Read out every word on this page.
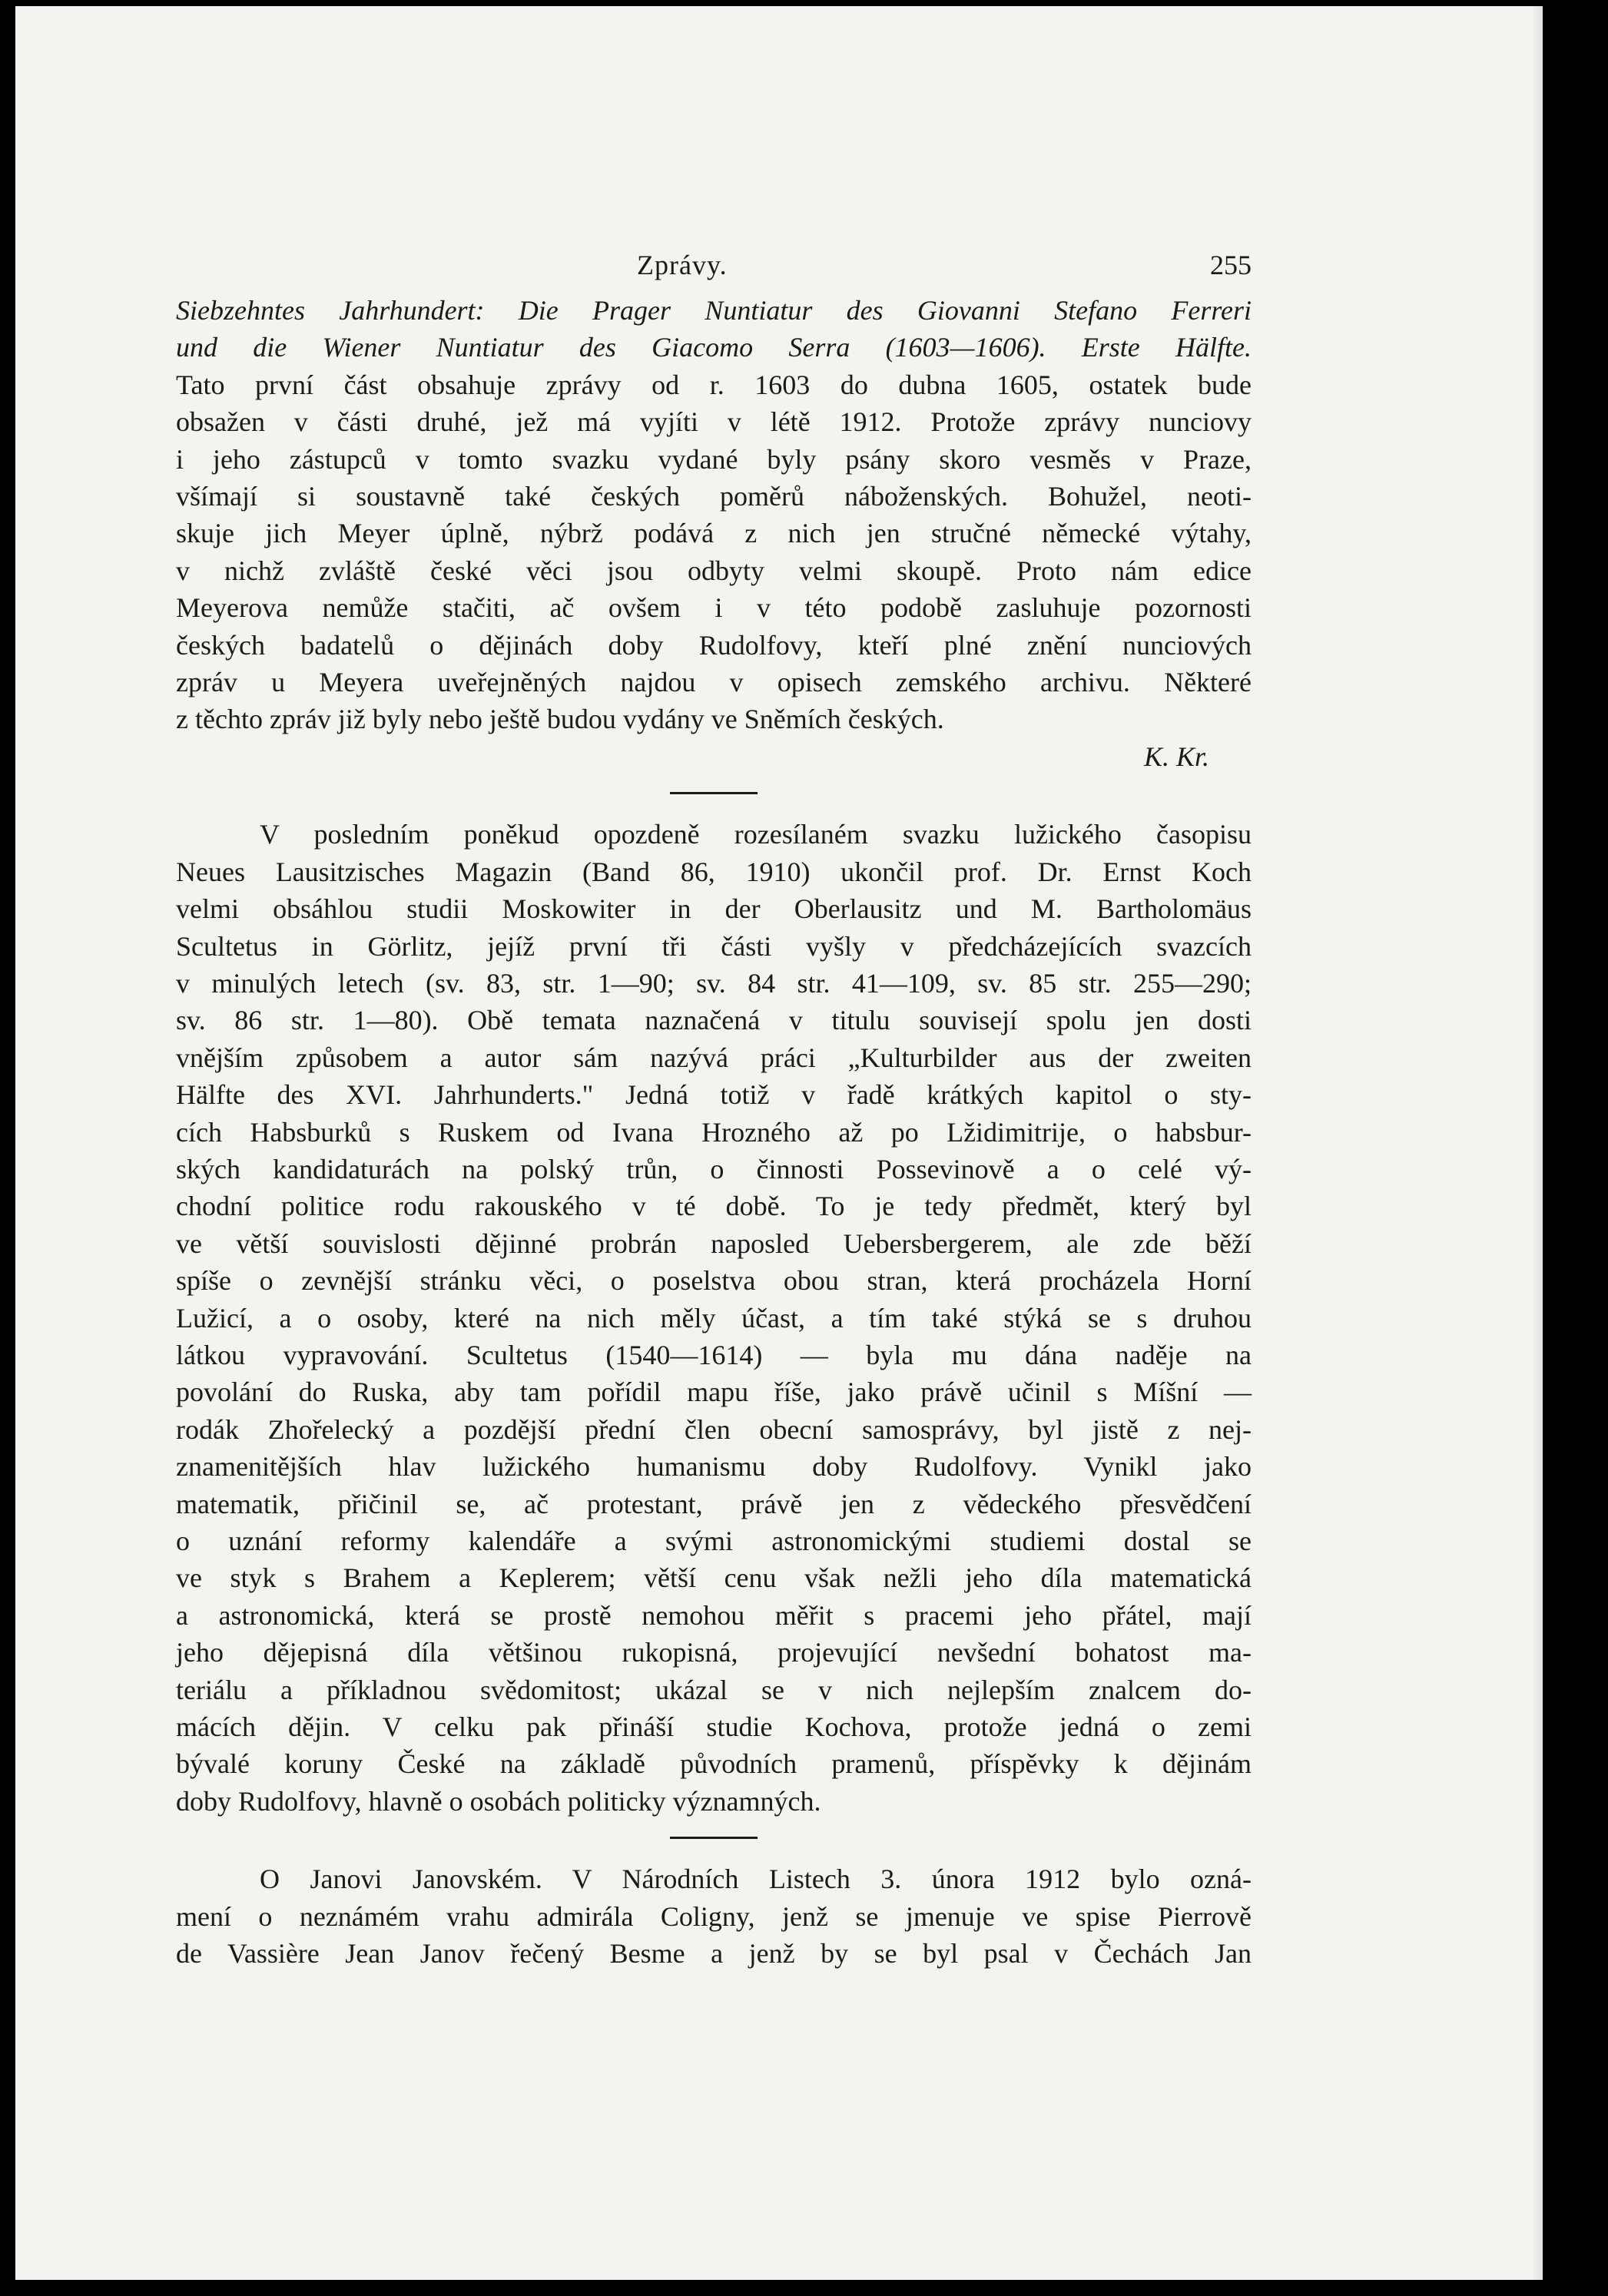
Zprávy.	255
Siebzehntes Jahrhundert: Die Prager Nuntiatur des Giovanni Stefano Ferreri
und die Wiener Nuntiatur des Giacomo Serra (1603—1606). Erste Hälfte.
Tato první část obsahuje zprávy od r. 1603 do dubna 1605, ostatek bude
obsažen v části druhé, jež má vyjíti v létě 1912. Protože zprávy nunciovy
i jeho zástupců v tomto svazku vydané byly psány skoro vesměs v Praze,
všímají si soustavně také českých poměrů náboženských. Bohužel, neoti-
skuje jich Meyer úplně, nýbrž podává z nich jen stručné německé výtahy,
v nichž zvláště české věci jsou odbyty velmi skoupě. Proto nám edice
Meyerova nemůže stačiti, ač ovšem i v této podobě zasluhuje pozornosti
českých badatelů o dějinách doby Rudolfovy, kteří plné znění nunciových
zpráv u Meyera uveřejněných najdou v opisech zemského archivu. Některé
z těchto zpráv již byly nebo ještě budou vydány ve Sněmích českých.
K. Kr.
V posledním poněkud opozdeně rozesílaném svazku lužického časopisu
Neues Lausitzisches Magazin (Band 86, 1910) ukončil prof. Dr. Ernst Koch
velmi obsáhlou studii Moskowiter in der Oberlausitz und M. Bartholomäus
Scultetus in Görlitz, jejíž první tři části vyšly v předcházejících svazcích
v minulých letech (sv. 83, str. 1—90; sv. 84 str. 41—109, sv. 85 str. 255—290;
sv. 86 str. 1—80). Obě temata naznačená v titulu souvisejí spolu jen dosti
vnějším způsobem a autor sám nazývá práci „Kulturbilder aus der zweiten
Hälfte des XVI. Jahrhunderts." Jedná totiž v řadě krátkých kapitol o sty-
cích Habsburků s Ruskem od Ivana Hrozného až po Lžidimitrije, o habsbur-
ských kandidaturách na polský trůn, o činnosti Possevinově a o celé vý-
chodní politice rodu rakouského v té době. To je tedy předmět, který byl
ve větší souvislosti dějinné probrán naposled Uebersbergerem, ale zde běží
spíše o zevnější stránku věci, o poselstva obou stran, která procházela Horní
Lužicí, a o osoby, které na nich měly účast, a tím také stýká se s druhou
látkou vypravování. Scultetus (1540—1614) — byla mu dána naděje na
povolání do Ruska, aby tam pořídil mapu říše, jako právě učinil s Míšní —
rodák Zhořelecký a pozdější přední člen obecní samosprávy, byl jistě z nej-
znamenitějších hlav lužického humanismu doby Rudolfovy. Vynikl jako
matematik, přičinil se, ač protestant, právě jen z vědeckého přesvědčení
o uznání reformy kalendáře a svými astronomickými studiemi dostal se
ve styk s Brahem a Keplerem; větší cenu však nežli jeho díla matematická
a astronomická, která se prostě nemohou měřit s pracemi jeho přátel, mají
jeho dějepisná díla většinou rukopisná, projevující nevšední bohatost ma-
teriálu a příkladnou svědomitost; ukázal se v nich nejlepším znalcem do-
mácích dějin. V celku pak přináší studie Kochova, protože jedná o zemi
bývalé koruny České na základě původních pramenů, příspěvky k dějinám
doby Rudolfovy, hlavně o osobách politicky významných.
O Janovi Janovském. V Národních Listech 3. února 1912 bylo ozná-
mení o neznámém vrahu admirála Coligny, jenž se jmenuje ve spise Pierrově
de Vassière Jean Janov řečený Besme a jenž by se byl psal v Čechách Jan
